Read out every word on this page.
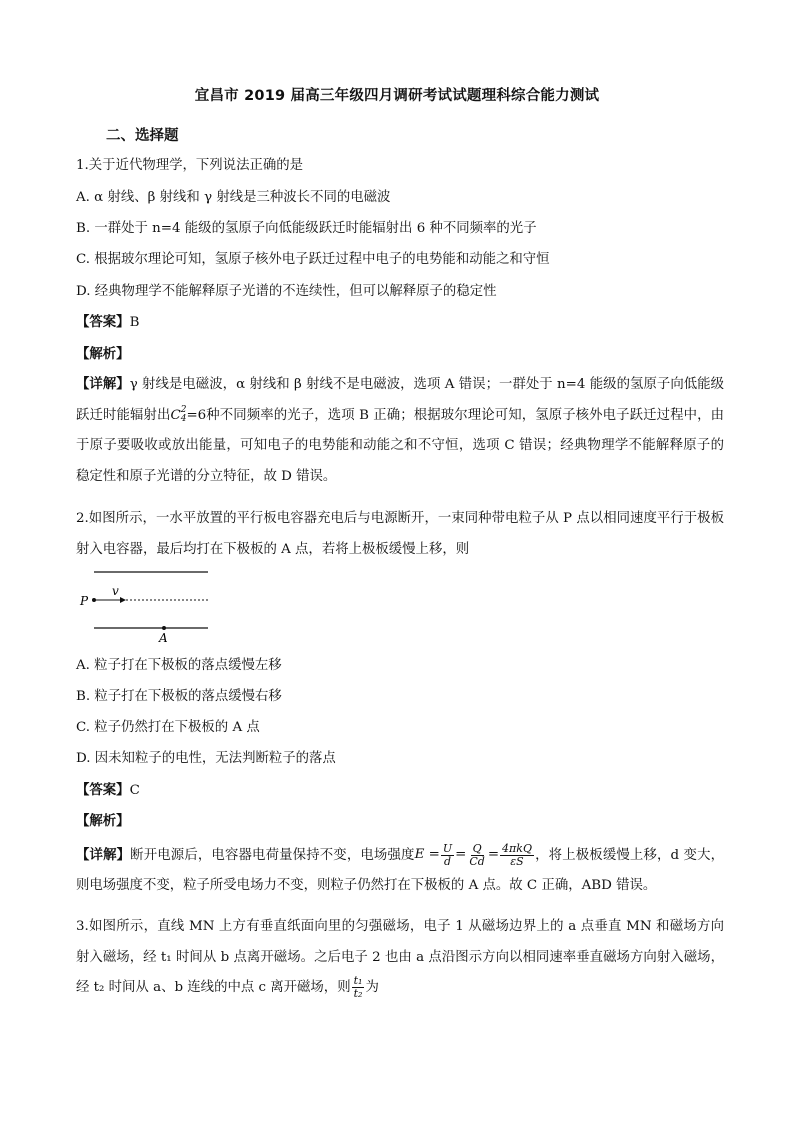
宜昌市 2019 届高三年级四月调研考试试题理科综合能力测试
二、选择题
1.关于近代物理学，下列说法正确的是
A. α 射线、β 射线和 γ 射线是三种波长不同的电磁波
B. 一群处于 n=4 能级的氢原子向低能级跃迁时能辐射出 6 种不同频率的光子
C. 根据玻尔理论可知，氢原子核外电子跃迁过程中电子的电势能和动能之和守恒
D. 经典物理学不能解释原子光谱的不连续性，但可以解释原子的稳定性
【答案】B
【解析】
【详解】γ 射线是电磁波，α 射线和 β 射线不是电磁波，选项 A 错误；一群处于 n=4 能级的氢原子向低能级跃迁时能辐射出C 2
4 =6种不同频率的光子，选项 B 正确；根据玻尔理论可知，氢原子核外电子跃迁过程中，由于原子要吸收或放出能量，可知电子的电势能和动能之和不守恒，选项 C 错误；经典物理学不能解释原子的稳定性和原子光谱的分立特征，故 D 错误。
2.如图所示，一水平放置的平行板电容器充电后与电源断开，一束同种带电粒子从 P 点以相同速度平行于极板射入电容器，最后均打在下极板的 A 点，若将上极板缓慢上移，则
P
v
A
A. 粒子打在下极板的落点缓慢左移
B. 粒子打在下极板的落点缓慢右移
C. 粒子仍然打在下极板的 A 点
D. 因未知粒子的电性，无法判断粒子的落点
【答案】C
【解析】
【详解】断开电源后，电容器电荷量保持不变，电场强度 $E = \frac{U}{d} = \frac{Q}{Cd} = \frac{\text{4πkQ}}{\varepsilon S}$ ，将上极板缓慢上移，d 变大，则电场强度不变，粒子所受电场力不变，则粒子仍然打在下极板的 A 点。故 C 正确，ABD 错误。
3.如图所示，直线 MN 上方有垂直纸面向里的匀强磁场，电子 1 从磁场边界上的 a 点垂直 MN 和磁场方向射入磁场，经 t₁ 时间从 b 点离开磁场。之后电子 2 也由 a 点沿图示方向以相同速率垂直磁场方向射入磁场，经 t₂ 时间从 a、b 连线的中点 c 离开磁场，则 $\frac{\text{t₁}}{\text{t₂}}$ 为
